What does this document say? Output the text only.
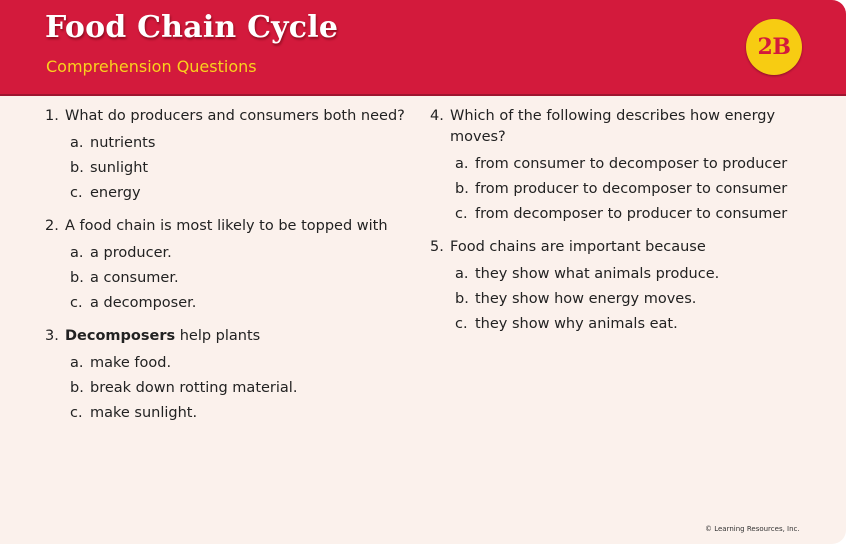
Food Chain Cycle
Comprehension Questions
2B
1. What do producers and consumers both need?
a. nutrients
b. sunlight
c. energy
2. A food chain is most likely to be topped with
a. a producer.
b. a consumer.
c. a decomposer.
3. Decomposers help plants
a. make food.
b. break down rotting material.
c. make sunlight.
4. Which of the following describes how energy moves?
a. from consumer to decomposer to producer
b. from producer to decomposer to consumer
c. from decomposer to producer to consumer
5. Food chains are important because
a. they show what animals produce.
b. they show how energy moves.
c. they show why animals eat.
© Learning Resources, Inc.
